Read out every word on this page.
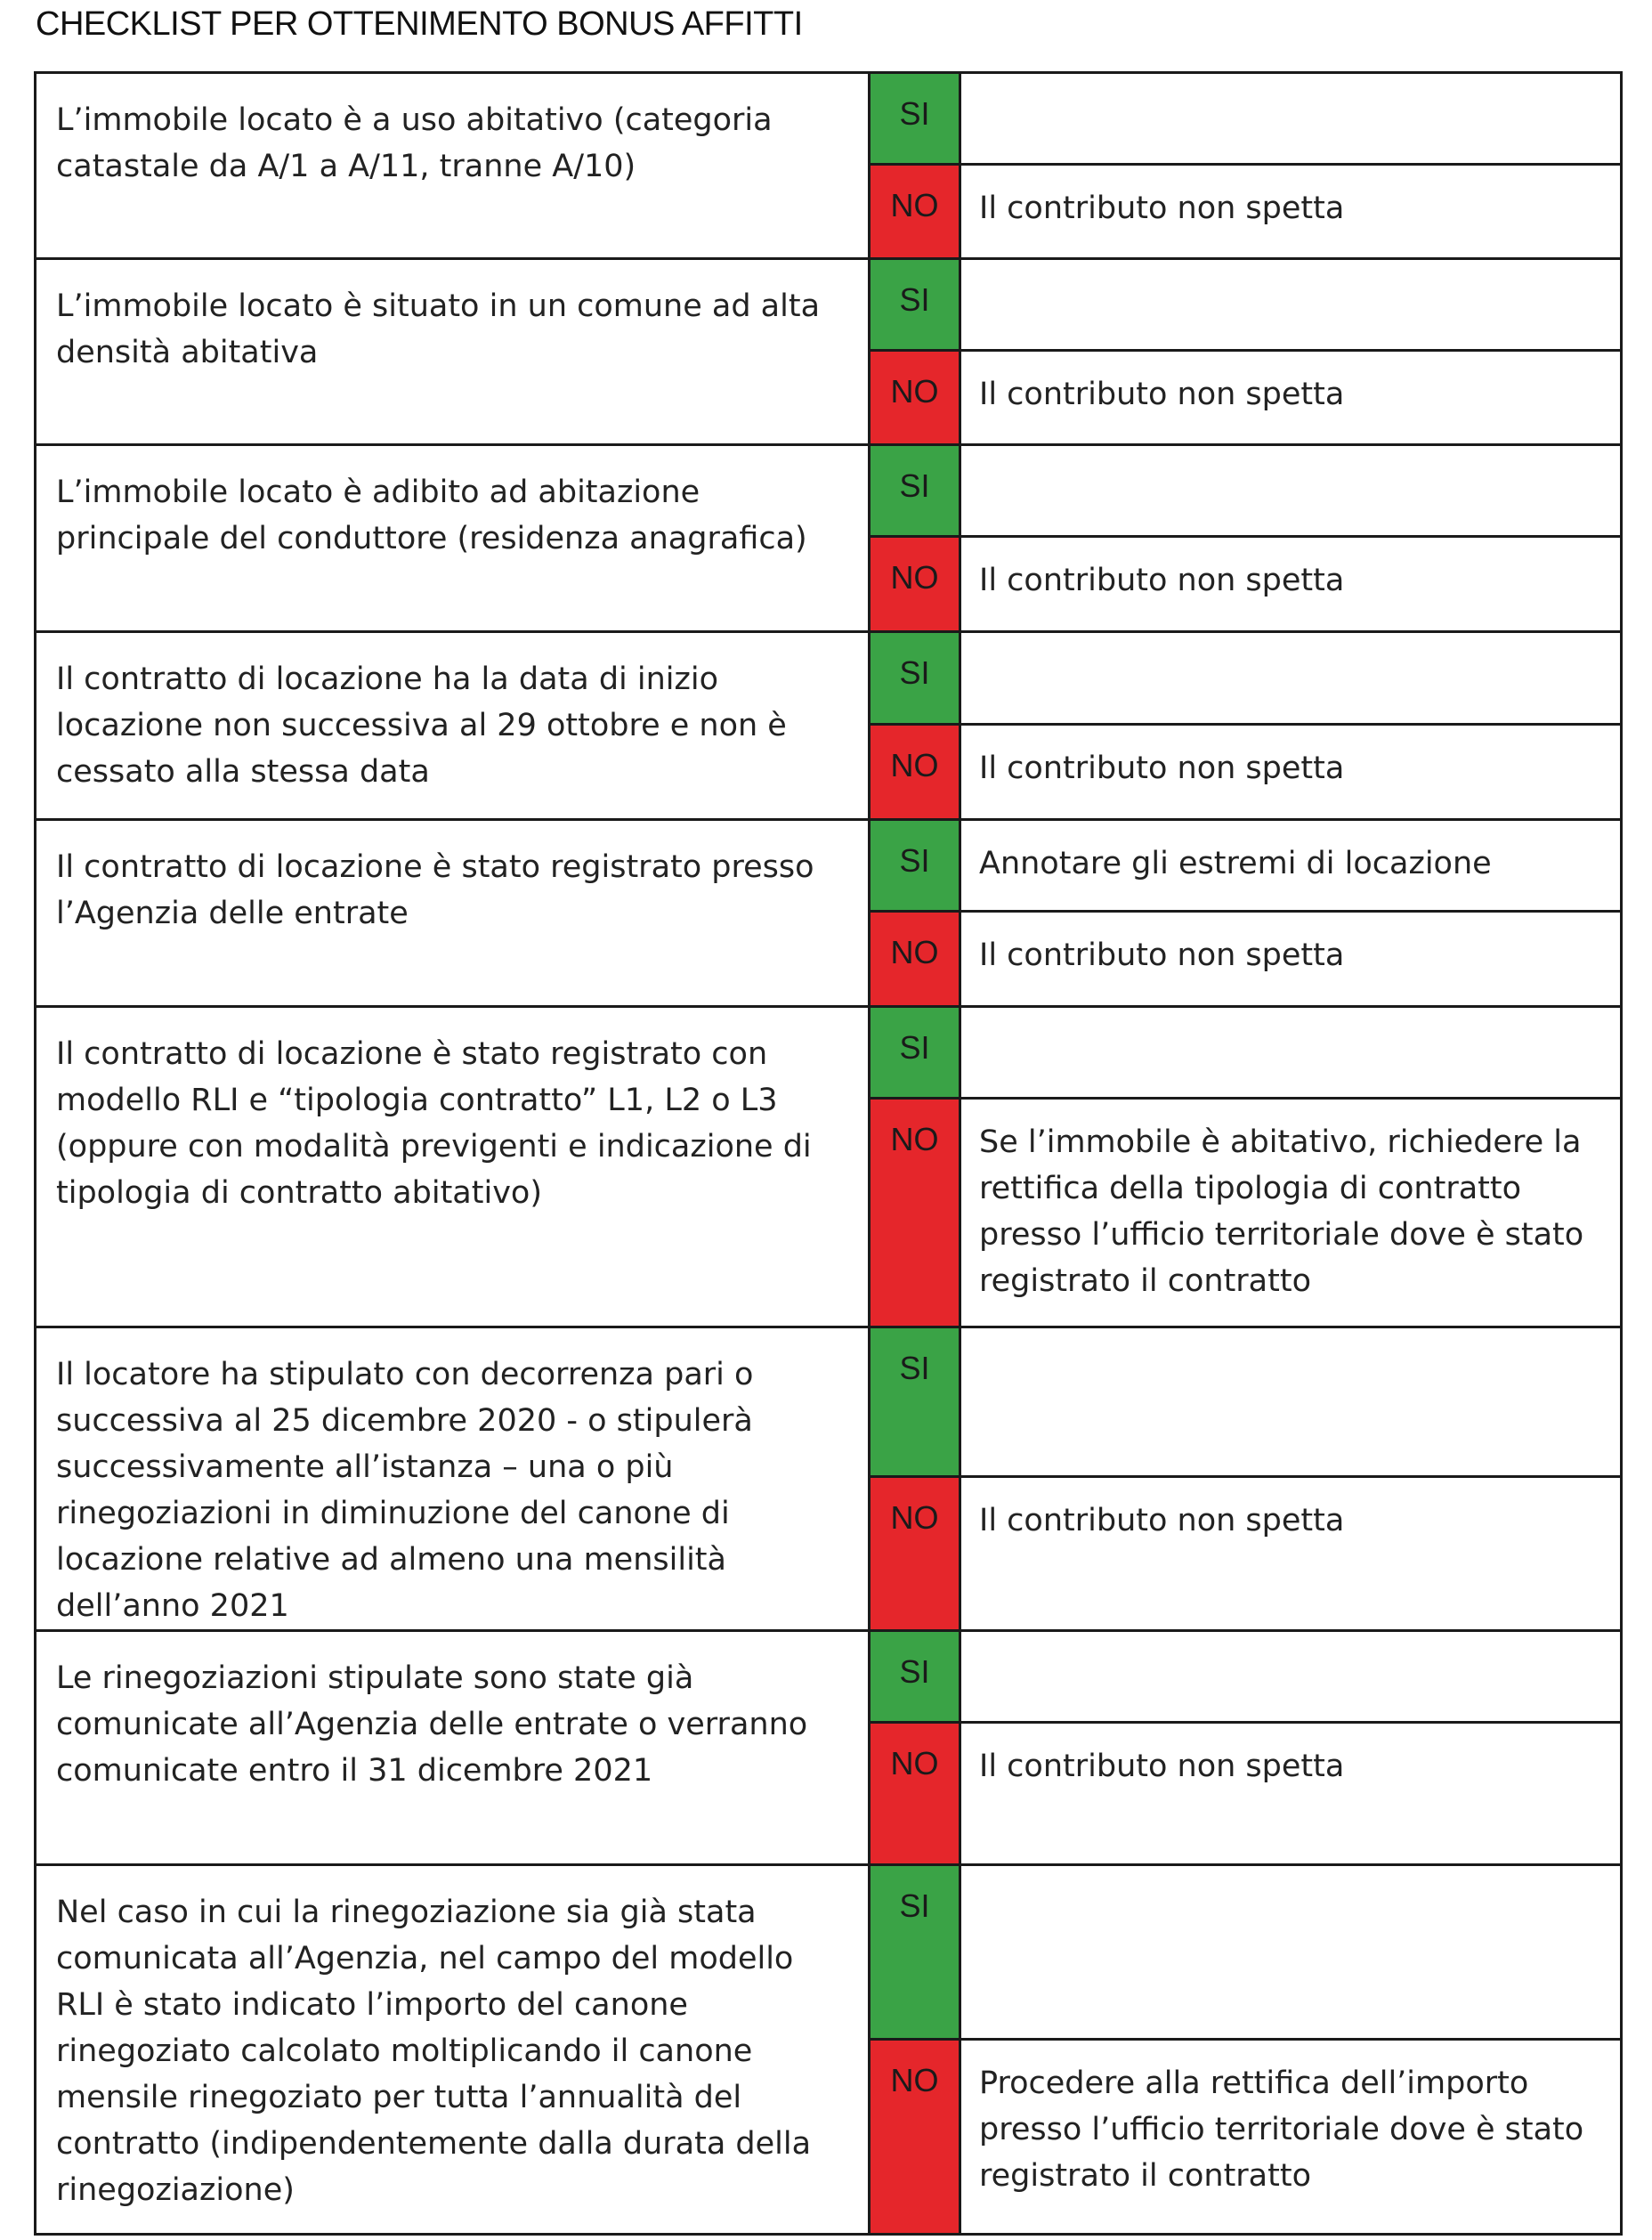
CHECKLIST PER OTTENIMENTO BONUS AFFITTI
L’immobile locato è a uso abitativo (categoria catastale da A/1 a A/11, tranne A/10)
SI
NO	Il contributo non spetta
L’immobile locato è situato in un comune ad alta densità abitativa
SI
NO	Il contributo non spetta
L’immobile locato è adibito ad abitazione principale del conduttore (residenza anagrafica)
SI
NO	Il contributo non spetta
Il contratto di locazione ha la data di inizio locazione non successiva al 29 ottobre e non è cessato alla stessa data
SI
NO	Il contributo non spetta
Il contratto di locazione è stato registrato presso l’Agenzia delle entrate
SI	Annotare gli estremi di locazione
NO	Il contributo non spetta
Il contratto di locazione è stato registrato con modello RLI e “tipologia contratto” L1, L2 o L3 (oppure con modalità previgenti e indicazione di tipologia di contratto abitativo)
SI
NO	Se l’immobile è abitativo, richiedere la rettifica della tipologia di contratto presso l’ufficio territoriale dove è stato registrato il contratto
Il locatore ha stipulato con decorrenza pari o successiva al 25 dicembre 2020 - o stipulerà successivamente all’istanza – una o più rinegoziazioni in diminuzione del canone di locazione relative ad almeno una mensilità dell’anno 2021
SI
NO	Il contributo non spetta
Le rinegoziazioni stipulate sono state già comunicate all’Agenzia delle entrate o verranno comunicate entro il 31 dicembre 2021
SI
NO	Il contributo non spetta
Nel caso in cui la rinegoziazione sia già stata comunicata all’Agenzia, nel campo del modello RLI è stato indicato l’importo del canone rinegoziato calcolato moltiplicando il canone mensile rinegoziato per tutta l’annualità del contratto (indipendentemente dalla durata della rinegoziazione)
SI
NO	Procedere alla rettifica dell’importo presso l’ufficio territoriale dove è stato registrato il contratto
